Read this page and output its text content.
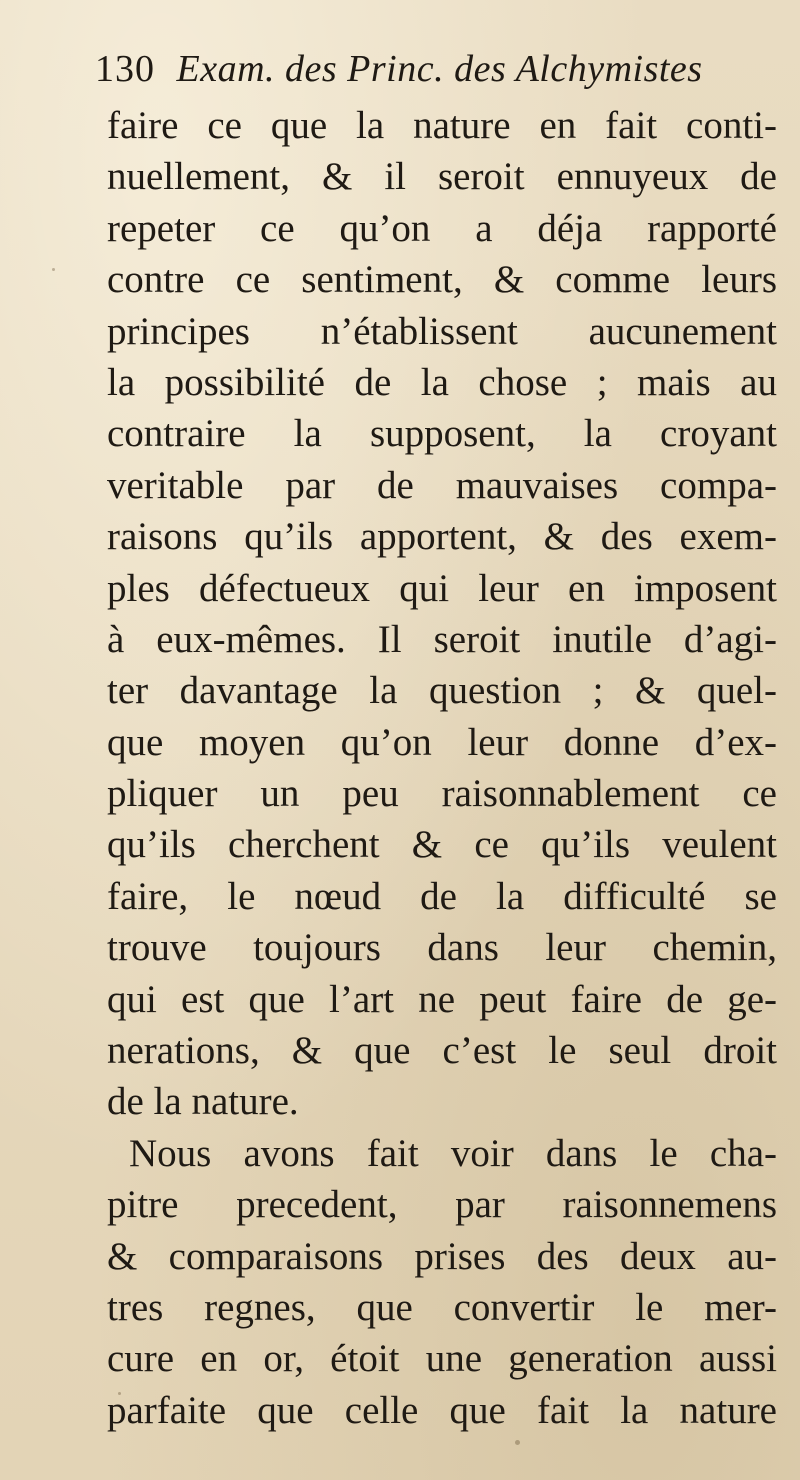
130 Exam. des Princ. des Alchymistes
faire ce que la nature en fait conti-
nuellement, & il seroit ennuyeux de
repeter ce qu’on a déja rapporté
contre ce sentiment, & comme leurs
principes n’établissent aucunement
la possibilité de la chose ; mais au
contraire la supposent, la croyant
veritable par de mauvaises compa-
raisons qu’ils apportent, & des exem-
ples défectueux qui leur en imposent
à eux-mêmes. Il seroit inutile d’agi-
ter davantage la question ; & quel-
que moyen qu’on leur donne d’ex-
pliquer un peu raisonnablement ce
qu’ils cherchent & ce qu’ils veulent
faire, le nœud de la difficulté se
trouve toujours dans leur chemin,
qui est que l’art ne peut faire de ge-
nerations, & que c’est le seul droit
de la nature.
Nous avons fait voir dans le cha-
pitre precedent, par raisonnemens
& comparaisons prises des deux au-
tres regnes, que convertir le mer-
cure en or, étoit une generation aussi
parfaite que celle que fait la nature
